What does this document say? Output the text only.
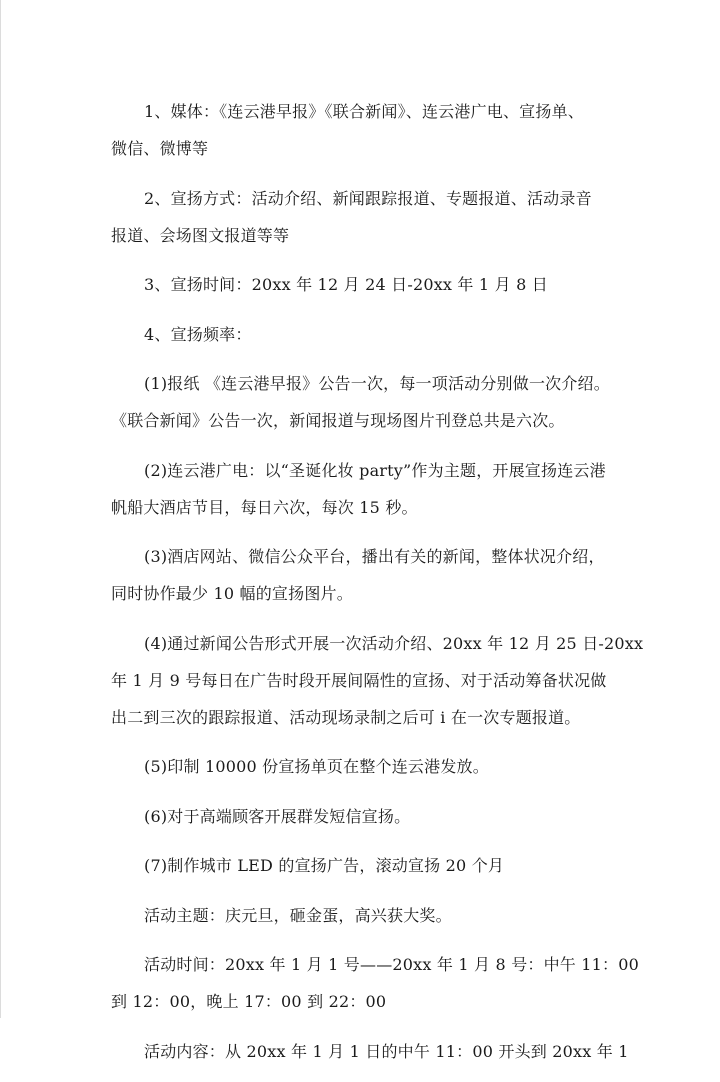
1、媒体：《连云港早报》《联合新闻》、连云港广电、宣扬单、
微信、微博等

2、宣扬方式：活动介绍、新闻跟踪报道、专题报道、活动录音
报道、会场图文报道等等

3、宣扬时间：20xx 年 12 月 24 日-20xx 年 1 月 8 日

4、宣扬频率：

(1)报纸 《连云港早报》公告一次，每一项活动分别做一次介绍。
《联合新闻》公告一次，新闻报道与现场图片刊登总共是六次。

(2)连云港广电：以“圣诞化妆 party”作为主题，开展宣扬连云港
帆船大酒店节目，每日六次，每次 15 秒。

(3)酒店网站、微信公众平台，播出有关的新闻，整体状况介绍，
同时协作最少 10 幅的宣扬图片。

(4)通过新闻公告形式开展一次活动介绍、20xx 年 12 月 25 日-20xx
年 1 月 9 号每日在广告时段开展间隔性的宣扬、对于活动筹备状况做
出二到三次的跟踪报道、活动现场录制之后可 i 在一次专题报道。

(5)印制 10000 份宣扬单页在整个连云港发放。

(6)对于高端顾客开展群发短信宣扬。

(7)制作城市 LED 的宣扬广告，滚动宣扬 20 个月

活动主题：庆元旦，砸金蛋，高兴获大奖。

活动时间：20xx 年 1 月 1 号——20xx 年 1 月 8 号：中午 11：00
到 12：00，晚上 17：00 到 22：00

活动内容：从 20xx 年 1 月 1 日的中午 11：00 开头到 20xx 年 1
